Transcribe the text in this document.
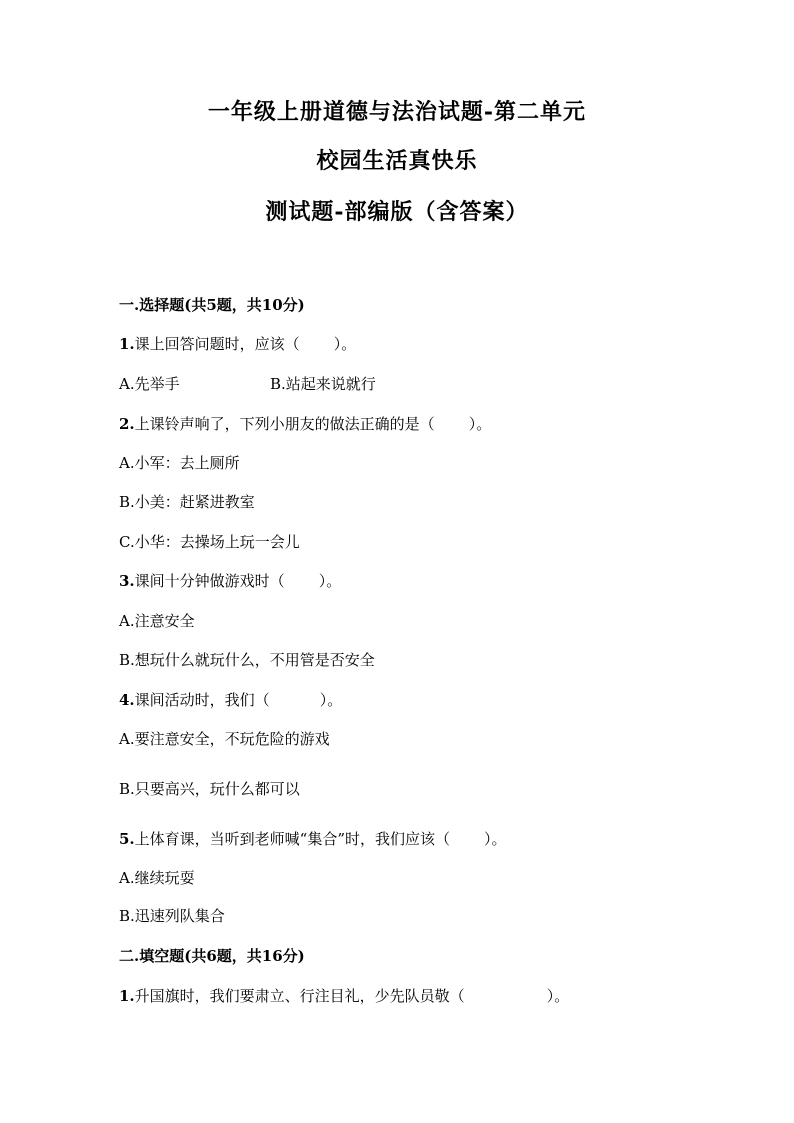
一年级上册道德与法治试题-第二单元
校园生活真快乐
测试题-部编版（含答案）
一.选择题(共5题，共10分)
1.课上回答问题时，应该（ ）。
A.先举手	B.站起来说就行
2.上课铃声响了，下列小朋友的做法正确的是（ ）。
A.小军：去上厕所
B.小美：赶紧进教室
C.小华：去操场上玩一会儿
3.课间十分钟做游戏时（ ）。
A.注意安全
B.想玩什么就玩什么，不用管是否安全
4.课间活动时，我们（	）。
A.要注意安全，不玩危险的游戏
B.只要高兴，玩什么都可以
5.上体育课，当听到老师喊“集合”时，我们应该（ ）。
A.继续玩耍
B.迅速列队集合
二.填空题(共6题，共16分)
1.升国旗时，我们要肃立、行注目礼，少先队员敬（	）。
